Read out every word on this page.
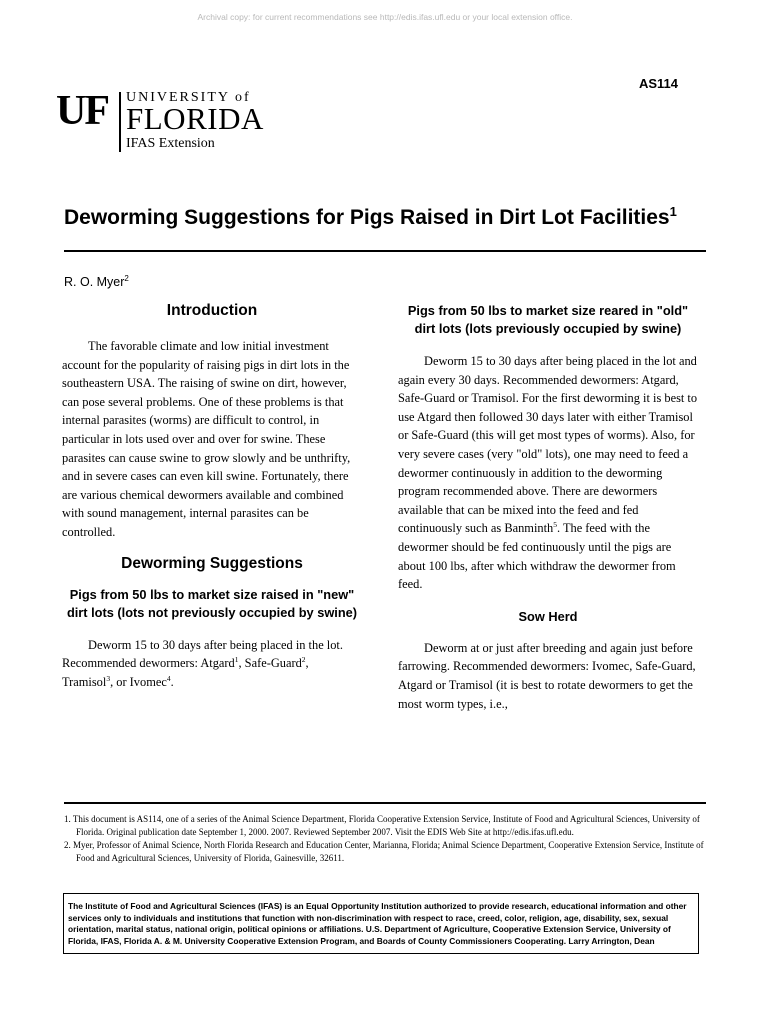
Archival copy: for current recommendations see http://edis.ifas.ufl.edu or your local extension office.
AS114
UF UNIVERSITY of
FLORIDA
IFAS Extension
Deworming Suggestions for Pigs Raised in Dirt Lot Facilities$^1$
R. O. Myer$^2$
Introduction

The favorable climate and low initial investment account for the popularity of raising pigs in dirt lots in the southeastern USA. The raising of swine on dirt, however, can pose several problems. One of these problems is that internal parasites (worms) are difficult to control, in particular in lots used over and over for swine. These parasites can cause swine to grow slowly and be unthrifty, and in severe cases can even kill swine. Fortunately, there are various chemical dewormers available and combined with sound management, internal parasites can be controlled.

Deworming Suggestions
Pigs from 50 lbs to market size raised in "new" dirt lots (lots not previously occupied by swine)

Deworm 15 to 30 days after being placed in the lot. Recommended dewormers: Atgard$^1$, Safe-Guard$^2$, Tramisol$^3$, or Ivomec$^4$.

Pigs from 50 lbs to market size reared in "old" dirt lots (lots previously occupied by swine)

Deworm 15 to 30 days after being placed in the lot and again every 30 days. Recommended dewormers: Atgard, Safe-Guard or Tramisol. For the first deworming it is best to use Atgard then followed 30 days later with either Tramisol or Safe-Guard (this will get most types of worms). Also, for very severe cases (very "old" lots), one may need to feed a dewormer continuously in addition to the deworming program recommended above. There are dewormers available that can be mixed into the feed and fed continuously such as Banminth$^5$. The feed with the dewormer should be fed continuously until the pigs are about 100 lbs, after which withdraw the dewormer from feed.

Sow Herd

Deworm at or just after breeding and again just before farrowing. Recommended dewormers: Ivomec, Safe-Guard, Atgard or Tramisol (it is best to rotate dewormers to get the most worm types, i.e.,

1. This document is AS114, one of a series of the Animal Science Department, Florida Cooperative Extension Service, Institute of Food and Agricultural Sciences, University of Florida. Original publication date September 1, 2000. 2007. Reviewed September 2007. Visit the EDIS Web Site at http://edis.ifas.ufl.edu.

2. Myer, Professor of Animal Science, North Florida Research and Education Center, Marianna, Florida; Animal Science Department, Cooperative Extension Service, Institute of Food and Agricultural Sciences, University of Florida, Gainesville, 32611.

The Institute of Food and Agricultural Sciences (IFAS) is an Equal Opportunity Institution authorized to provide research, educational information and other services only to individuals and institutions that function with non-discrimination with respect to race, creed, color, religion, age, disability, sex, sexual orientation, marital status, national origin, political opinions or affiliations. U.S. Department of Agriculture, Cooperative Extension Service, University of Florida, IFAS, Florida A. & M. University Cooperative Extension Program, and Boards of County Commissioners Cooperating. Larry Arrington, Dean
